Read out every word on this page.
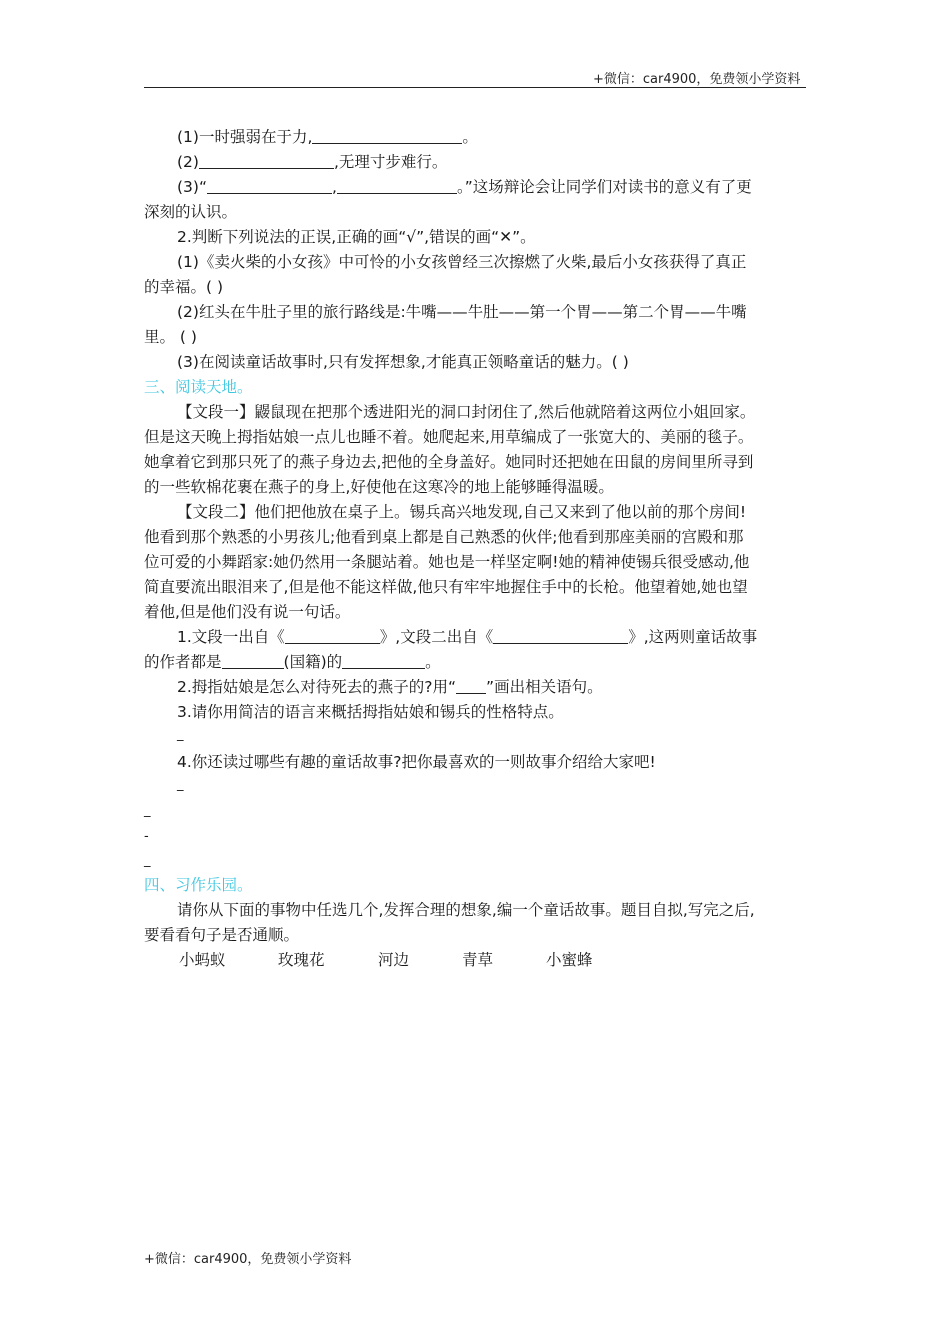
+微信：car4900，免费领小学资料
(1)一时强弱在于力,	。
(2)	,无理寸步难行。
(3)“	,	。”这场辩论会让同学们对读书的意义有了更
深刻的认识。
2.判断下列说法的正误,正确的画“√”,错误的画“✕”。
(1)《卖火柴的小女孩》中可怜的小女孩曾经三次擦燃了火柴,最后小女孩获得了真正
的幸福。( )
(2)红头在牛肚子里的旅行路线是:牛嘴——牛肚——第一个胃——第二个胃——牛嘴
里。 ( )
(3)在阅读童话故事时,只有发挥想象,才能真正领略童话的魅力。( )
三、阅读天地。
【文段一】鼹鼠现在把那个透进阳光的洞口封闭住了,然后他就陪着这两位小姐回家。
但是这天晚上拇指姑娘一点儿也睡不着。她爬起来,用草编成了一张宽大的、美丽的毯子。
她拿着它到那只死了的燕子身边去,把他的全身盖好。她同时还把她在田鼠的房间里所寻到
的一些软棉花裹在燕子的身上,好使他在这寒冷的地上能够睡得温暖。
【文段二】他们把他放在桌子上。锡兵高兴地发现,自己又来到了他以前的那个房间!
他看到那个熟悉的小男孩儿;他看到桌上都是自己熟悉的伙伴;他看到那座美丽的宫殿和那
位可爱的小舞蹈家:她仍然用一条腿站着。她也是一样坚定啊!她的精神使锡兵很受感动,他
简直要流出眼泪来了,但是他不能这样做,他只有牢牢地握住手中的长枪。他望着她,她也望
着他,但是他们没有说一句话。
1.文段一出自《	》,文段二出自《	》,这两则童话故事
的作者都是	(国籍)的	。
2.拇指姑娘是怎么对待死去的燕子的?用“ ”画出相关语句。
3.请你用简洁的语言来概括拇指姑娘和锡兵的性格特点。
_
4.你还读过哪些有趣的童话故事?把你最喜欢的一则故事介绍给大家吧!
_
_
-
_
四、习作乐园。
请你从下面的事物中任选几个,发挥合理的想象,编一个童话故事。题目自拟,写完之后,
要看看句子是否通顺。
小蚂蚁	玫瑰花	河边	青草	小蜜蜂
+微信：car4900，免费领小学资料
